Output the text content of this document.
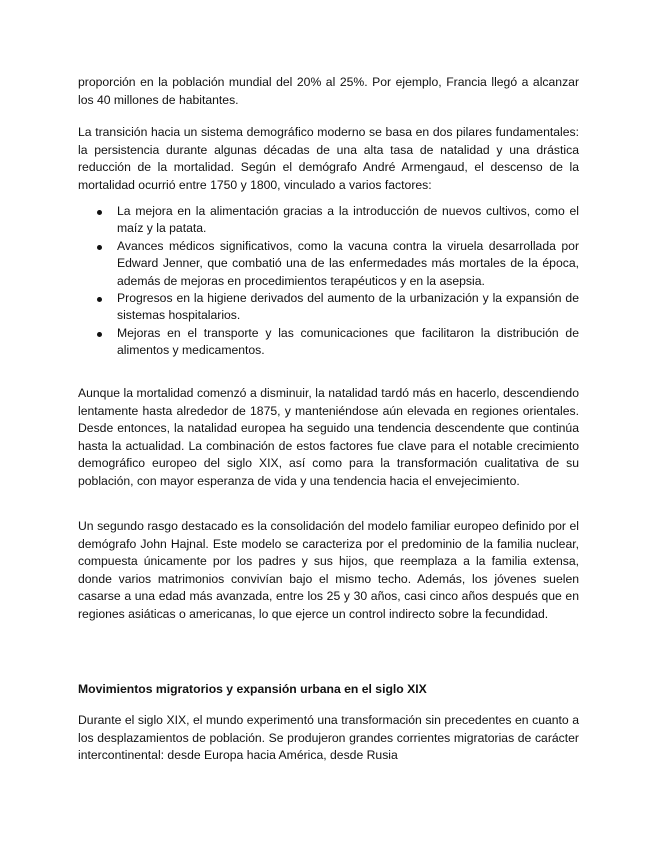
proporción en la población mundial del 20% al 25%. Por ejemplo, Francia llegó a alcanzar los 40 millones de habitantes.

La transición hacia un sistema demográfico moderno se basa en dos pilares fundamentales: la persistencia durante algunas décadas de una alta tasa de natalidad y una drástica reducción de la mortalidad. Según el demógrafo André Armengaud, el descenso de la mortalidad ocurrió entre 1750 y 1800, vinculado a varios factores:

La mejora en la alimentación gracias a la introducción de nuevos cultivos, como el maíz y la patata.
Avances médicos significativos, como la vacuna contra la viruela desarrollada por Edward Jenner, que combatió una de las enfermedades más mortales de la época, además de mejoras en procedimientos terapéuticos y en la asepsia.
Progresos en la higiene derivados del aumento de la urbanización y la expansión de sistemas hospitalarios.
Mejoras en el transporte y las comunicaciones que facilitaron la distribución de alimentos y medicamentos.

Aunque la mortalidad comenzó a disminuir, la natalidad tardó más en hacerlo, descendiendo lentamente hasta alrededor de 1875, y manteniéndose aún elevada en regiones orientales. Desde entonces, la natalidad europea ha seguido una tendencia descendente que continúa hasta la actualidad. La combinación de estos factores fue clave para el notable crecimiento demográfico europeo del siglo XIX, así como para la transformación cualitativa de su población, con mayor esperanza de vida y una tendencia hacia el envejecimiento.

Un segundo rasgo destacado es la consolidación del modelo familiar europeo definido por el demógrafo John Hajnal. Este modelo se caracteriza por el predominio de la familia nuclear, compuesta únicamente por los padres y sus hijos, que reemplaza a la familia extensa, donde varios matrimonios convivían bajo el mismo techo. Además, los jóvenes suelen casarse a una edad más avanzada, entre los 25 y 30 años, casi cinco años después que en regiones asiáticas o americanas, lo que ejerce un control indirecto sobre la fecundidad.

Movimientos migratorios y expansión urbana en el siglo XIX

Durante el siglo XIX, el mundo experimentó una transformación sin precedentes en cuanto a los desplazamientos de población. Se produjeron grandes corrientes migratorias de carácter intercontinental: desde Europa hacia América, desde Rusia
